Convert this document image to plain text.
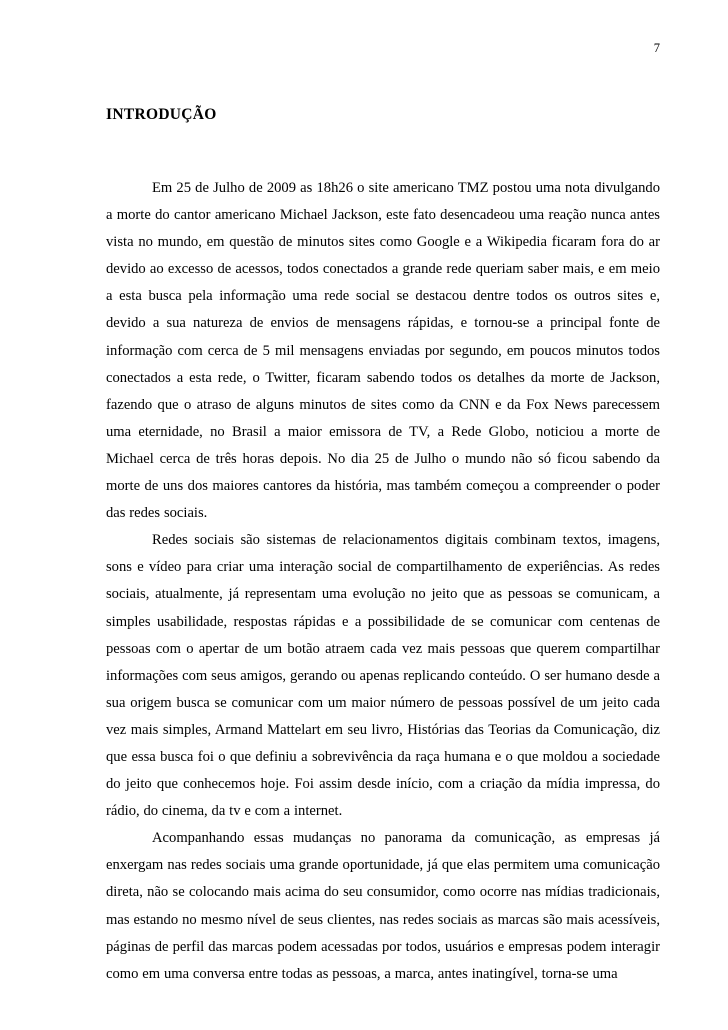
7
INTRODUÇÃO

Em 25 de Julho de 2009 as 18h26 o site americano TMZ postou uma nota divulgando a morte do cantor americano Michael Jackson, este fato desencadeou uma reação nunca antes vista no mundo, em questão de minutos sites como Google e a Wikipedia ficaram fora do ar devido ao excesso de acessos, todos conectados a grande rede queriam saber mais, e em meio a esta busca pela informação uma rede social se destacou dentre todos os outros sites e, devido a sua natureza de envios de mensagens rápidas, e tornou-se a principal fonte de informação com cerca de 5 mil mensagens enviadas por segundo, em poucos minutos todos conectados a esta rede, o Twitter, ficaram sabendo todos os detalhes da morte de Jackson, fazendo que o atraso de alguns minutos de sites como da CNN e da Fox News parecessem uma eternidade, no Brasil a maior emissora de TV, a Rede Globo, noticiou a morte de Michael cerca de três horas depois. No dia 25 de Julho o mundo não só ficou sabendo da morte de uns dos maiores cantores da história, mas também começou a compreender o poder das redes sociais.

Redes sociais são sistemas de relacionamentos digitais combinam textos, imagens, sons e vídeo para criar uma interação social de compartilhamento de experiências. As redes sociais, atualmente, já representam uma evolução no jeito que as pessoas se comunicam, a simples usabilidade, respostas rápidas e a possibilidade de se comunicar com centenas de pessoas com o apertar de um botão atraem cada vez mais pessoas que querem compartilhar informações com seus amigos, gerando ou apenas replicando conteúdo. O ser humano desde a sua origem busca se comunicar com um maior número de pessoas possível de um jeito cada vez mais simples, Armand Mattelart em seu livro, Histórias das Teorias da Comunicação, diz que essa busca foi o que definiu a sobrevivência da raça humana e o que moldou a sociedade do jeito que conhecemos hoje. Foi assim desde início, com a criação da mídia impressa, do rádio, do cinema, da tv e com a internet.

Acompanhando essas mudanças no panorama da comunicação, as empresas já enxergam nas redes sociais uma grande oportunidade, já que elas permitem uma comunicação direta, não se colocando mais acima do seu consumidor, como ocorre nas mídias tradicionais, mas estando no mesmo nível de seus clientes, nas redes sociais as marcas são mais acessíveis, páginas de perfil das marcas podem acessadas por todos, usuários e empresas podem interagir como em uma conversa entre todas as pessoas, a marca, antes inatingível, torna-se uma
